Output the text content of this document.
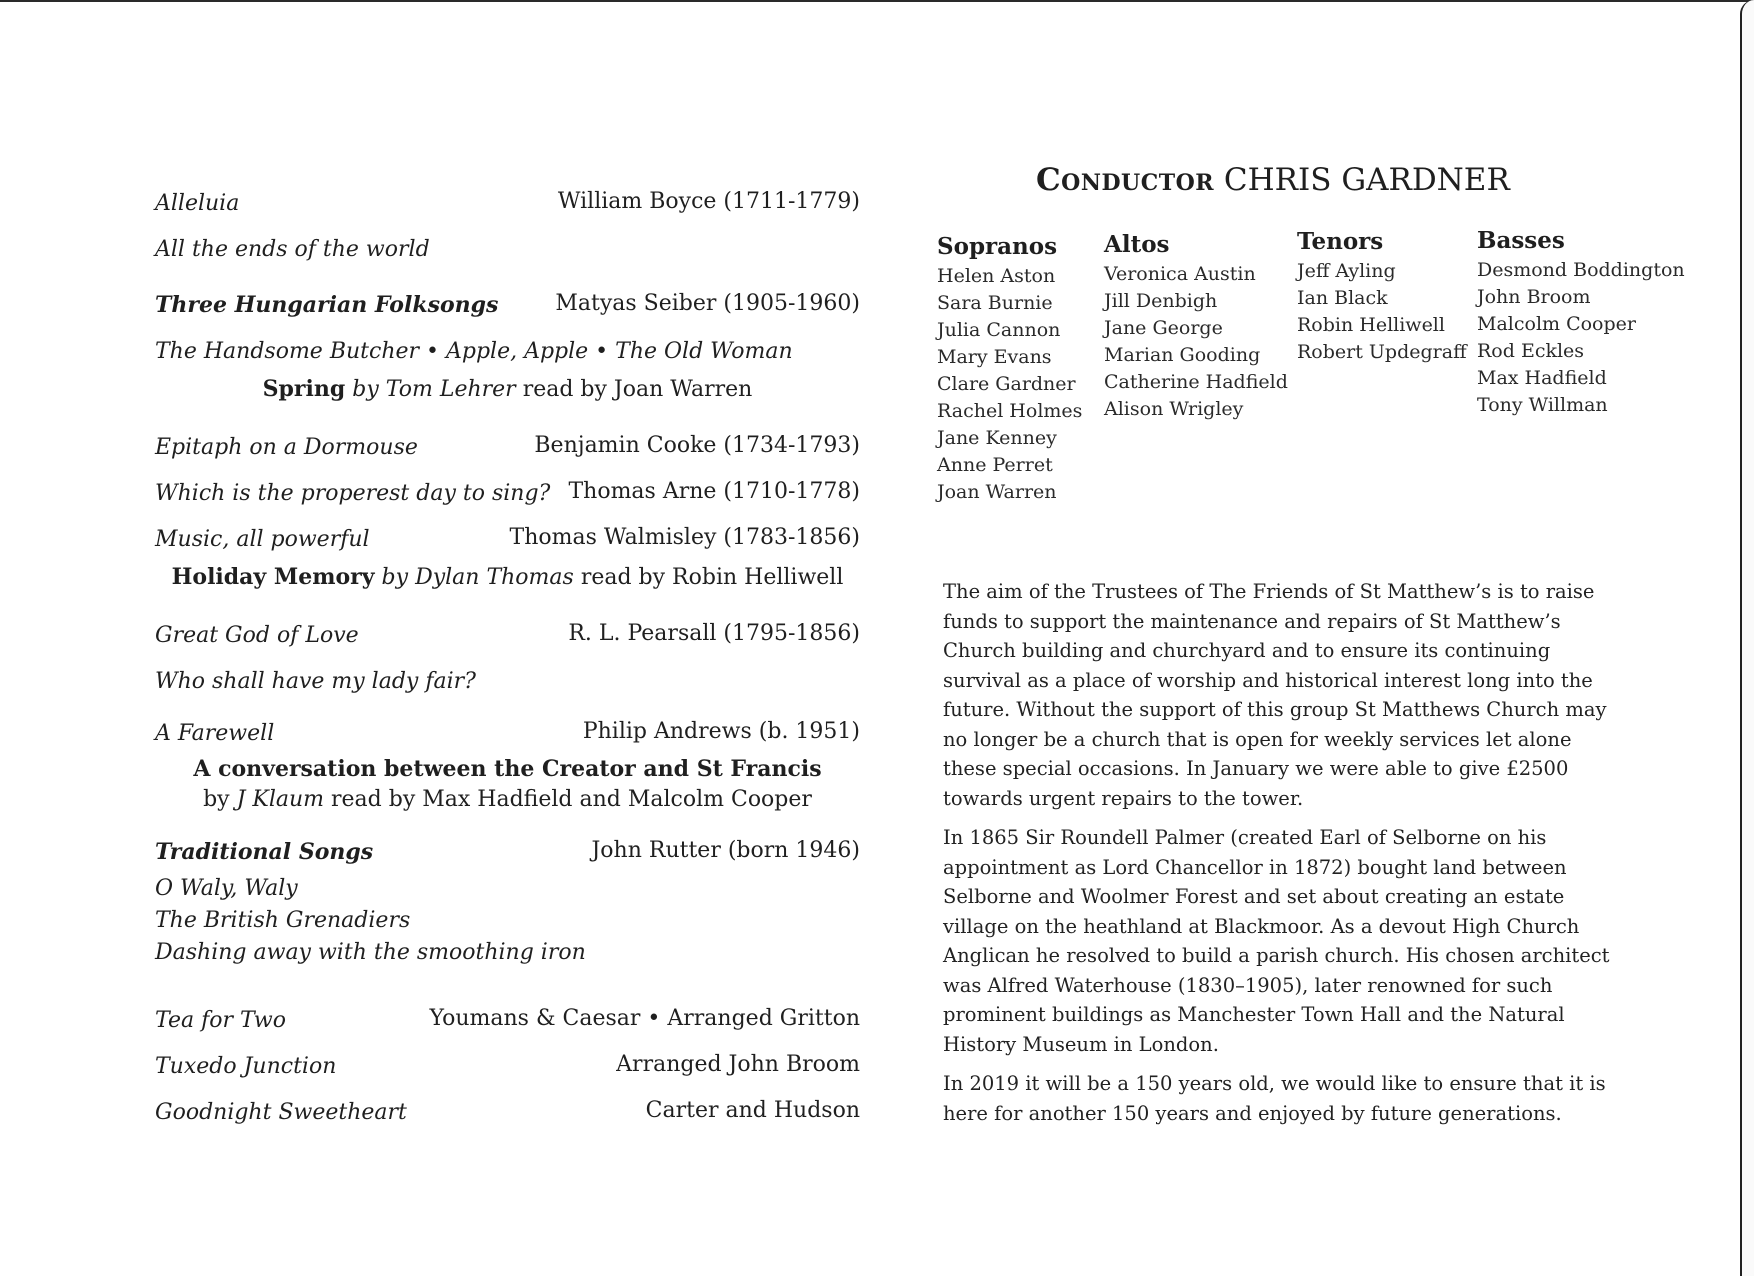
Alleluia	William Boyce (1711-1779)
All the ends of the world
Three Hungarian Folksongs	Matyas Seiber (1905-1960)
The Handsome Butcher • Apple, Apple • The Old Woman
Spring by Tom Lehrer read by Joan Warren
Epitaph on a Dormouse	Benjamin Cooke (1734-1793)
Which is the properest day to sing? Thomas Arne (1710-1778)
Music, all powerful	Thomas Walmisley (1783-1856)
Holiday Memory by Dylan Thomas read by Robin Helliwell
Great God of Love	R. L. Pearsall (1795-1856)
Who shall have my lady fair?
A Farewell	Philip Andrews (b. 1951)
A conversation between the Creator and St Francis
by J Klaum read by Max Hadfield and Malcolm Cooper
Traditional Songs	John Rutter (born 1946)
O Waly, Waly
The British Grenadiers
Dashing away with the smoothing iron
Tea for Two	Youmans & Caesar • Arranged Gritton
Tuxedo Junction	Arranged John Broom
Goodnight Sweetheart	Carter and Hudson
Conductor CHRIS GARDNER
Sopranos
Helen Aston
Sara Burnie
Julia Cannon
Mary Evans
Clare Gardner
Rachel Holmes
Jane Kenney
Anne Perret
Joan Warren
Altos
Veronica Austin
Jill Denbigh
Jane George
Marian Gooding
Catherine Hadfield
Alison Wrigley
Tenors
Jeff Ayling
Ian Black
Robin Helliwell
Robert Updegraff
Basses
Desmond Boddington
John Broom
Malcolm Cooper
Rod Eckles
Max Hadfield
Tony Willman

The aim of the Trustees of The Friends of St Matthew’s is to raise funds to support the maintenance and repairs of St Matthew’s Church building and churchyard and to ensure its continuing survival as a place of worship and historical interest long into the future. Without the support of this group St Matthews Church may no longer be a church that is open for weekly services let alone these special occasions. In January we were able to give £2500 towards urgent repairs to the tower.

In 1865 Sir Roundell Palmer (created Earl of Selborne on his appointment as Lord Chancellor in 1872) bought land between Selborne and Woolmer Forest and set about creating an estate village on the heathland at Blackmoor. As a devout High Church Anglican he resolved to build a parish church. His chosen architect was Alfred Waterhouse (1830–1905), later renowned for such prominent buildings as Manchester Town Hall and the Natural History Museum in London.

In 2019 it will be a 150 years old, we would like to ensure that it is here for another 150 years and enjoyed by future generations.
